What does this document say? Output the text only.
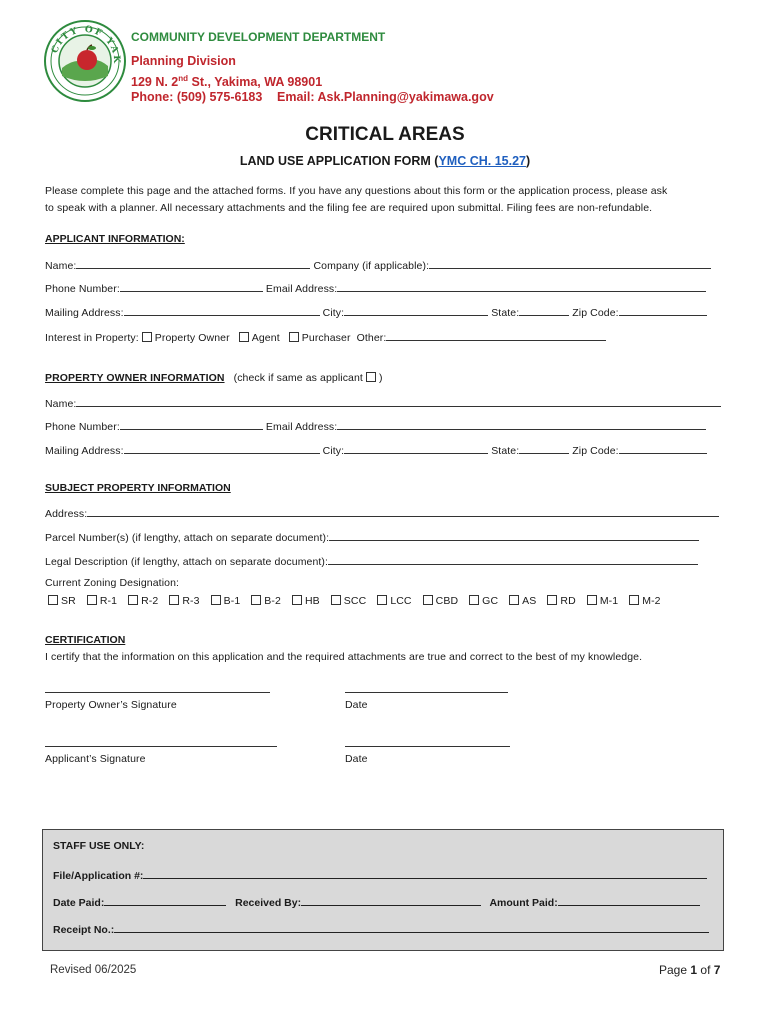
CITY OF YAK
COMMUNITY DEVELOPMENT DEPARTMENT
Planning Division
129 N. 2nd St., Yakima, WA 98901
Phone: (509) 575-6183 Email: Ask.Planning@yakimawa.gov
CRITICAL AREAS
LAND USE APPLICATION FORM (YMC CH. 15.27)
Please complete this page and the attached forms. If you have any questions about this form or the application process, please ask
to speak with a planner. All necessary attachments and the filing fee are required upon submittal. Filing fees are non-refundable.
APPLICANT INFORMATION:
Name:	Company (if applicable):
Phone Number:	Email Address:
Mailing Address:	City:	State:	Zip Code:
Interest in Property: Property Owner Agent Purchaser Other:
PROPERTY OWNER INFORMATION (check if same as applicant )
Name:
Phone Number:	Email Address:
Mailing Address:	City:	State:	Zip Code:
SUBJECT PROPERTY INFORMATION
Address:
Parcel Number(s) (if lengthy, attach on separate document):
Legal Description (if lengthy, attach on separate document):
Current Zoning Designation:
SR R-1 R-2 R-3 B-1 B-2 HB SCC LCC CBD GC AS RD M-1 M-2
CERTIFICATION
I certify that the information on this application and the required attachments are true and correct to the best of my knowledge.
Property Owner’s Signature	Date
Applicant’s Signature	Date
STAFF USE ONLY:
File/Application #:
Date Paid:	Received By:	Amount Paid:
Receipt No.:
Revised 06/2025	Page 1 of 7
